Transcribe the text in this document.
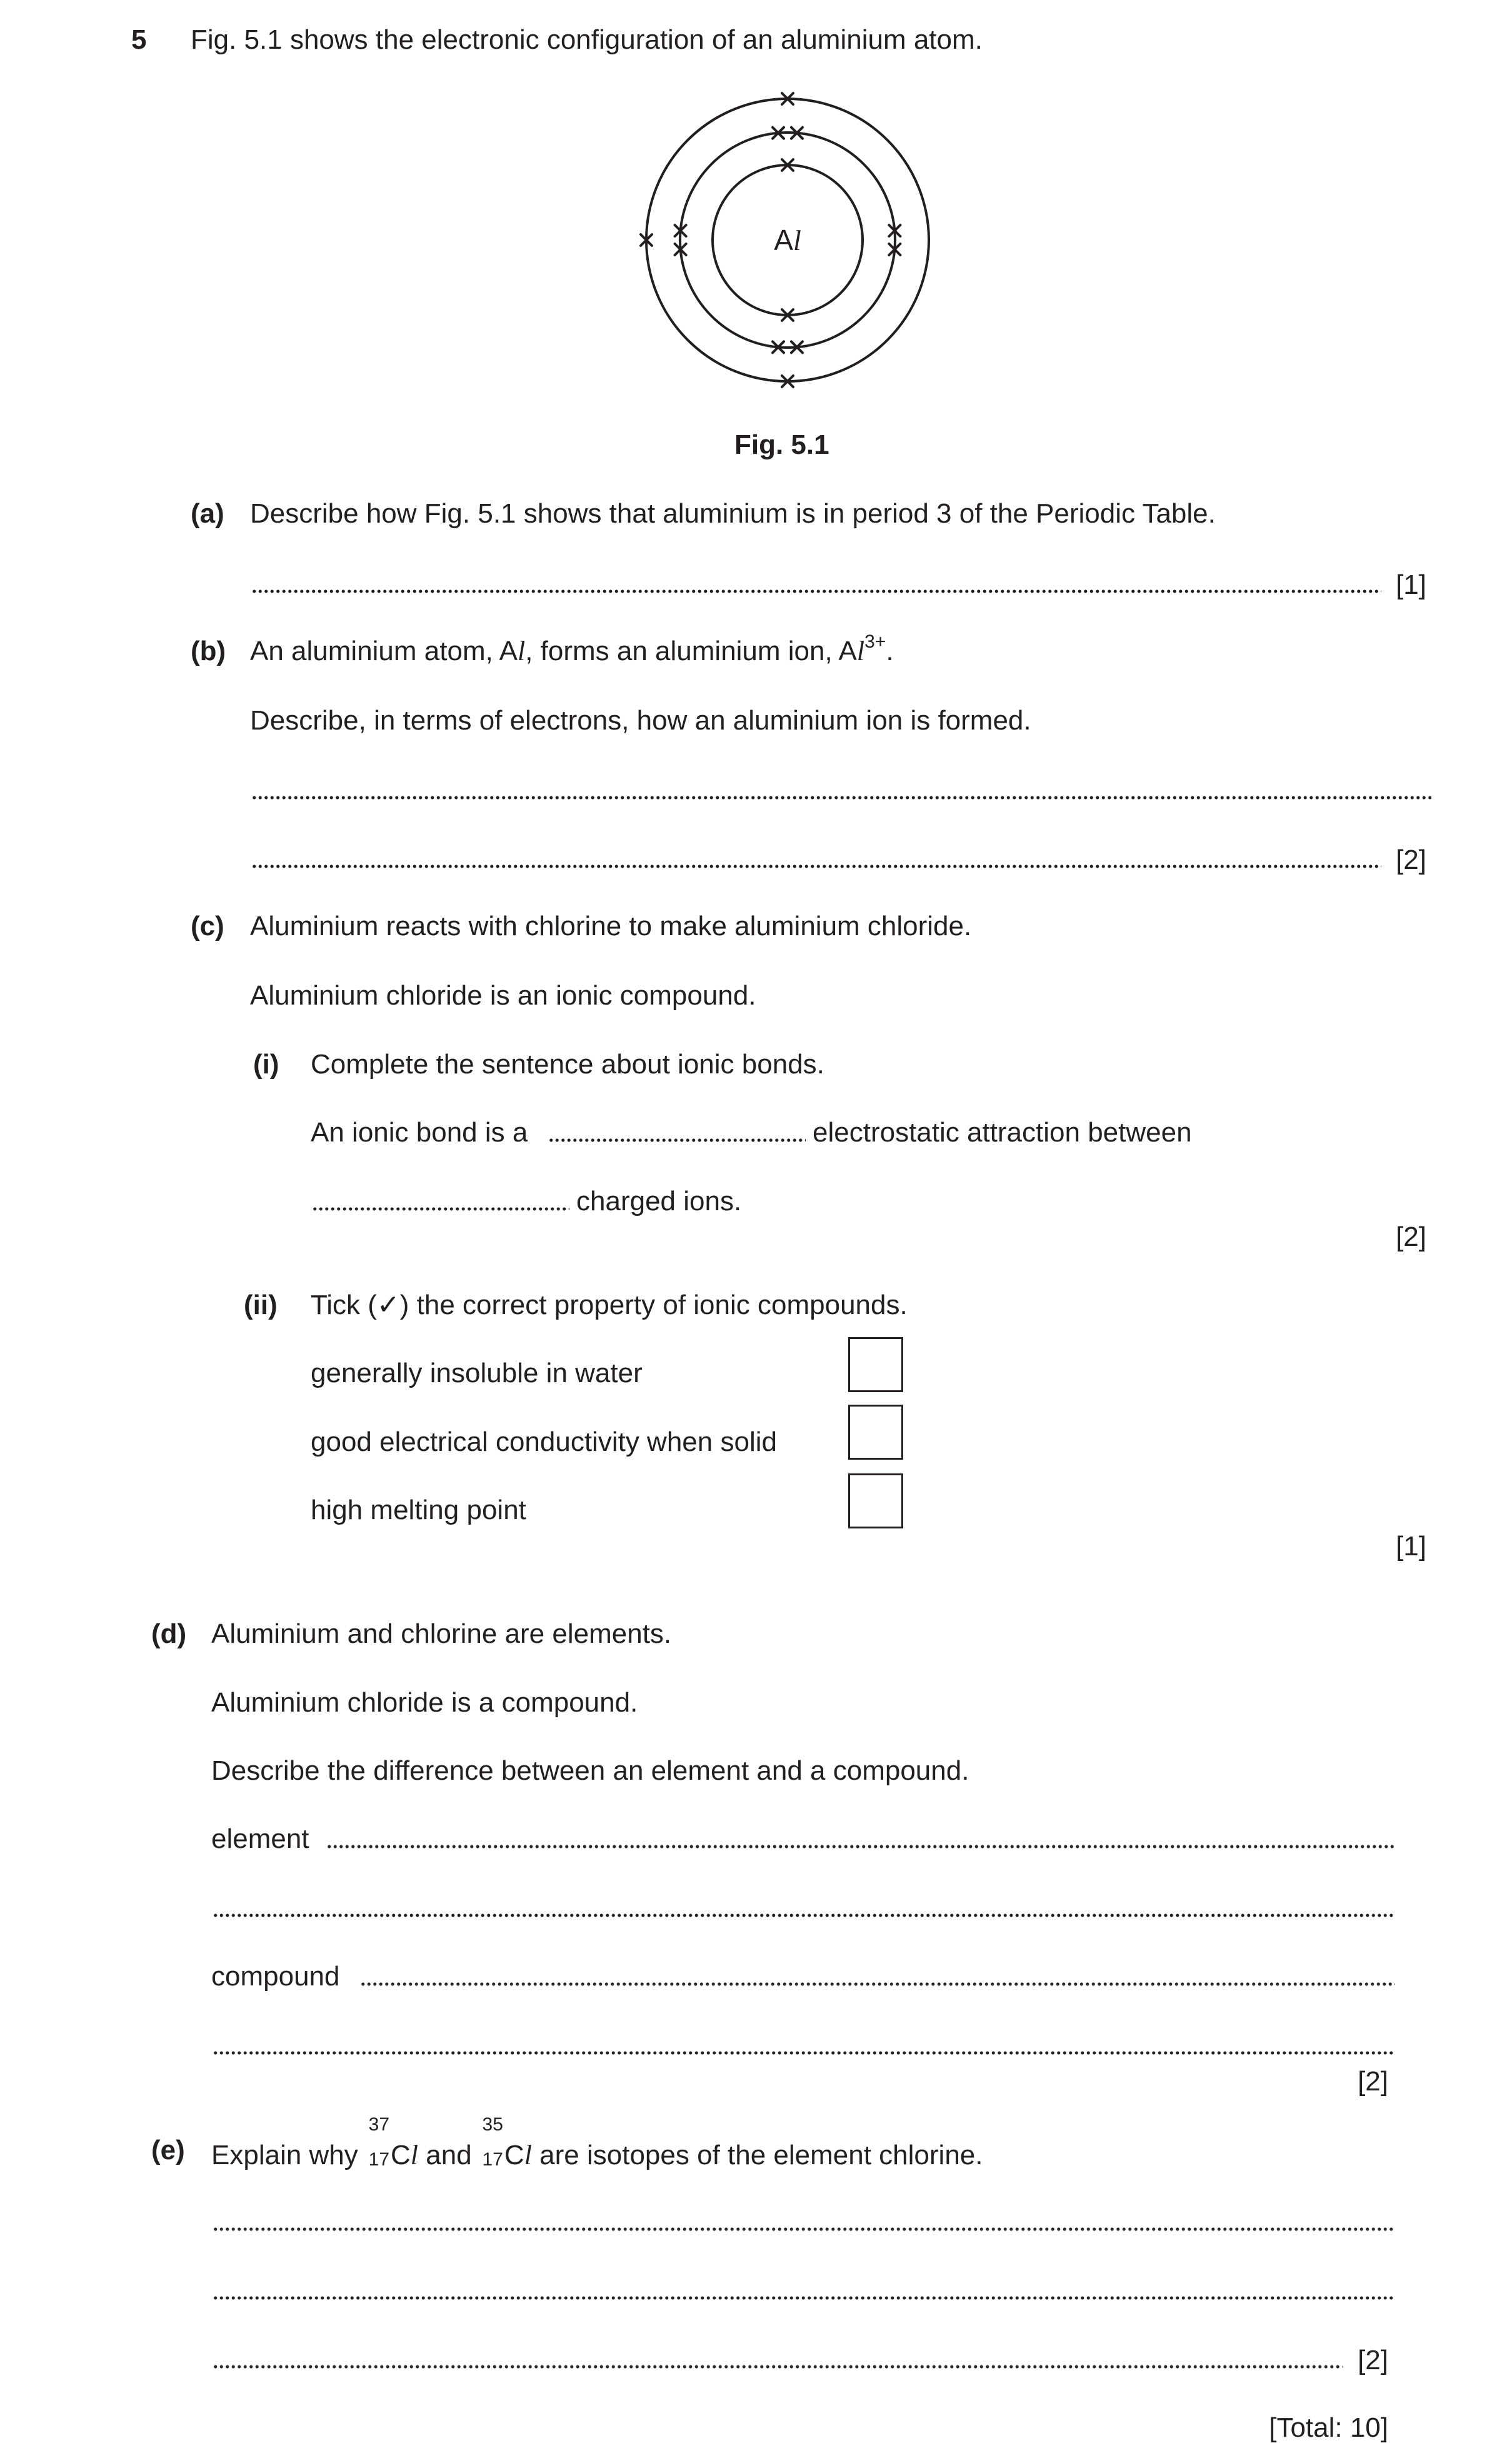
5 Fig. 5.1 shows the electronic configuration of an aluminium atom.
Al
Fig. 5.1
(a) Describe how Fig. 5.1 shows that aluminium is in period 3 of the Periodic Table.
[1]
(b) An aluminium atom, Al, forms an aluminium ion, $Al^{3+}$.
Describe, in terms of electrons, how an aluminium ion is formed.
[2]
(c) Aluminium reacts with chlorine to make aluminium chloride.
Aluminium chloride is an ionic compound.
(i) Complete the sentence about ionic bonds.
An ionic bond is a	electrostatic attraction between
charged ions.
[2]
(ii) Tick (✓) the correct property of ionic compounds.
generally insoluble in water
good electrical conductivity when solid
high melting point
[1]
(d) Aluminium and chlorine are elements.
Aluminium chloride is a compound.
Describe the difference between an element and a compound.
element
compound
[2]
(e) Explain why
37
17 Cl and
35
17 Cl are isotopes of the element chlorine.
[2]
[Total: 10]
